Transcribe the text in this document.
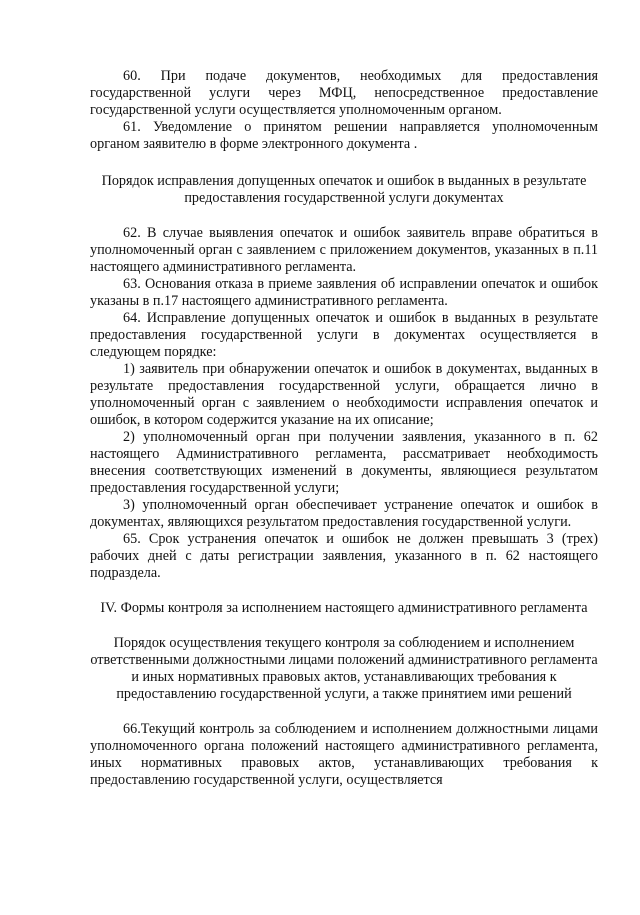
60. При подаче документов, необходимых для предоставления государственной услуги через МФЦ, непосредственное предоставление государственной услуги осуществляется уполномоченным органом.

61. Уведомление о принятом решении направляется уполномоченным органом заявителю в форме электронного документа .

Порядок исправления допущенных опечаток и ошибок в выданных в результате предоставления государственной услуги документах

62. В случае выявления опечаток и ошибок заявитель вправе обратиться в уполномоченный орган с заявлением с приложением документов, указанных в п.11 настоящего административного регламента.

63. Основания отказа в приеме заявления об исправлении опечаток и ошибок указаны в п.17 настоящего административного регламента.

64. Исправление допущенных опечаток и ошибок в выданных в результате предоставления государственной услуги в документах осуществляется в следующем порядке:

1) заявитель при обнаружении опечаток и ошибок в документах, выданных в результате предоставления государственной услуги, обращается лично в уполномоченный орган с заявлением о необходимости исправления опечаток и ошибок, в котором содержится указание на их описание;

2) уполномоченный орган при получении заявления, указанного в п. 62 настоящего Административного регламента, рассматривает необходимость внесения соответствующих изменений в документы, являющиеся результатом предоставления государственной услуги;

3) уполномоченный орган обеспечивает устранение опечаток и ошибок в документах, являющихся результатом предоставления государственной услуги.

65. Срок устранения опечаток и ошибок не должен превышать 3 (трех) рабочих дней с даты регистрации заявления, указанного в п. 62 настоящего подраздела.

IV. Формы контроля за исполнением настоящего административного регламента

Порядок осуществления текущего контроля за соблюдением и исполнением ответственными должностными лицами положений административного регламента и иных нормативных правовых актов, устанавливающих требования к предоставлению государственной услуги, а также принятием ими решений

66.Текущий контроль за соблюдением и исполнением должностными лицами уполномоченного органа положений настоящего административного регламента, иных нормативных правовых актов, устанавливающих требования к предоставлению государственной услуги, осуществляется
